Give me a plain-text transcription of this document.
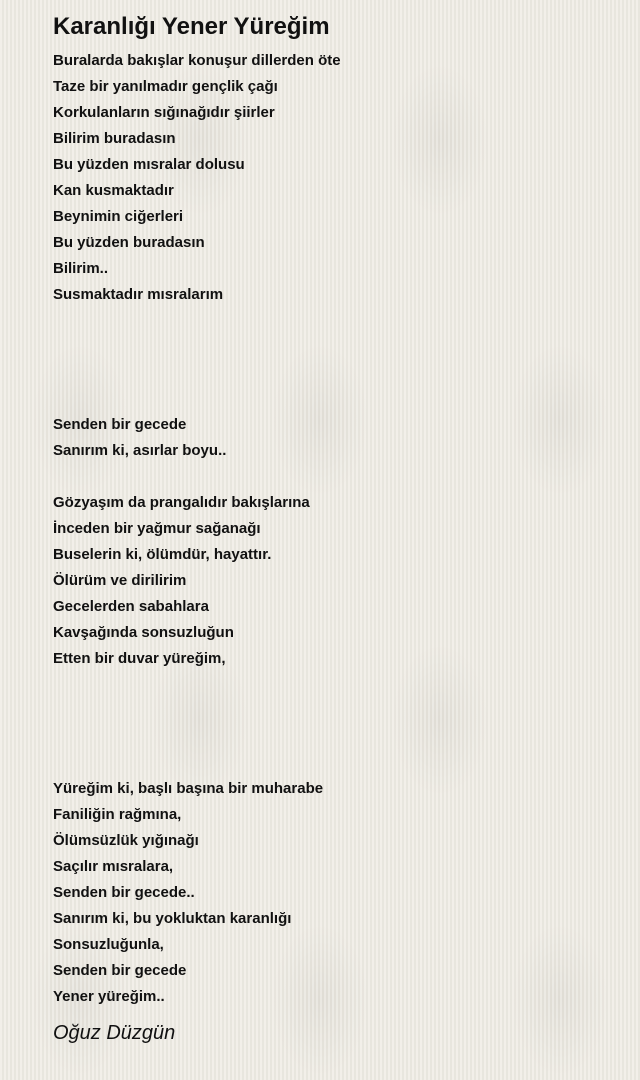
Karanlığı Yener Yüreğim
Buralarda bakışlar konuşur dillerden öte
Taze bir yanılmadır gençlik çağı
Korkulanların sığınağıdır şiirler
Bilirim buradasın
Bu yüzden mısralar dolusu
Kan kusmaktadır
Beynimin ciğerleri
Bu yüzden buradasın
Bilirim..
Susmaktadır mısralarım
Senden bir gecede
Sanırım ki, asırlar boyu..
Gözyaşım da prangalıdır bakışlarına
İnceden bir yağmur sağanağı
Buselerin ki, ölümdür, hayattır.
Ölürüm ve dirilirim
Gecelerden sabahlara
Kavşağında sonsuzluğun
Etten bir duvar yüreğim,
Yüreğim ki, başlı başına bir muharabe
Faniliğin rağmına,
Ölümsüzlük yığınağı
Saçılır mısralara,
Senden bir gecede..
Sanırım ki, bu yokluktan karanlığı
Sonsuzluğunla,
Senden bir gecede
Yener yüreğim..
Oğuz Düzgün
